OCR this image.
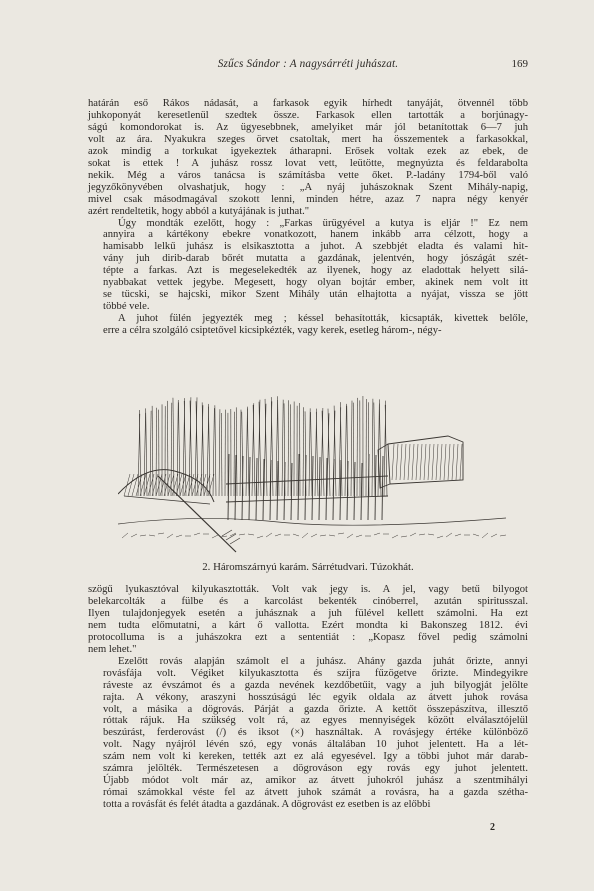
Szűcs Sándor : A nagysárréti juhászat.	169

határán eső Rákos nádasát, a farkasok egyik hírhedt tanyáját, ötvennél több
juhkoponyát keresetlenül szedtek össze. Farkasok ellen tartották a borjúnagy-
ságú komondorokat is. Az ügyesebbnek, amelyiket már jól betanítottak 6—7 juh
volt az ára. Nyakukra szeges örvet csatoltak, mert ha összementek a farkasokkal,
azok mindig a torkukat igyekeztek átharapni. Erősek voltak ezek az ebek, de
sokat is ettek ! A juhász rossz lovat vett, leütötte, megnyúzta és feldarabolta
nekik. Még a város tanácsa is számításba vette őket. P.-ladány 1794-ből való
jegyzőkönyvében olvashatjuk, hogy : „A nyáj juhászoknak Szent Mihály-napig,
mivel csak másodmagával szokott lenni, minden hétre, azaz 7 napra négy kenyér
azért rendeltetik, hogy abból a kutyájának is juthat."

Úgy mondták ezelőtt, hogy : „Farkas ürügyével a kutya is eljár !" Ez nem
annyira a kártékony ebekre vonatkozott, hanem inkább arra célzott, hogy a
hamisabb lelkű juhász is elsikasztotta a juhot. A szebbjét eladta és valami hit-
vány juh dirib-darab bőrét mutatta a gazdának, jelentvén, hogy jószágát szét-
tépte a farkas. Azt is megeselekedték az ilyenek, hogy az eladottak helyett silá-
nyabbakat vettek jegybe. Megesett, hogy olyan bojtár ember, akinek nem volt itt
se tücski, se hajcski, mikor Szent Mihály után elhajtotta a nyájat, vissza se jött
többé vele.

A juhot fülén jegyezték meg ; késsel behasították, kicsapták, kivettek belőle,
erre a célra szolgáló csiptetővel kicsipkézték, vagy kerek, esetleg három-, négy-

2. Háromszárnyú karám. Sárrétudvari. Túzokhát.

szögű lyukasztóval kilyukasztották. Volt vak jegy is. A jel, vagy betű bilyogot
belekarcolták a fülbe és a karcolást bekenték cinóberrel, azután spiritusszal.
Ilyen tulajdonjegyek esetén a juhásznak a juh fülével kellett számolni. Ha ezt
nem tudta előmutatni, a kárt ő vallotta. Ezért mondta ki Bakonszeg 1812. évi
protocolluma is a juhászokra ezt a sententiát : „Kopasz fővel pedig számolni
nem lehet."

Ezelőtt rovás alapján számolt el a juhász. Ahány gazda juhát őrizte, annyi
rovásfája volt. Végiket kilyukasztotta és szíjra fűzögetve őrizte. Mindegyikre
ráveste az évszámot és a gazda nevének kezdőbetűit, vagy a juh bilyogját jelölte
rajta. A vékony, araszyni hosszúságú léc egyik oldala az átvett juhok rovása
volt, a másika a dögrovás. Párját a gazda őrizte. A kettőt összepászítva, illesztő
róttak rájuk. Ha szükség volt rá, az egyes mennyiségek között elválasztójelül
beszúrást, ferderovást (/) és iksot (×) használtak. A rovásjegy értéke különböző
volt. Nagy nyájról lévén szó, egy vonás általában 10 juhot jelentett. Ha a lét-
szám nem volt ki kereken, tették azt ez alá egyesével. Igy a többi juhot már darab-
számra jelölték. Természetesen a dögrováson egy rovás egy juhot jelentett.
Újabb módot volt már az, amikor az átvett juhokról juhász a szentmihályi
római számokkal véste fel az átvett juhok számát a rovásra, ha a gazda szétha-
totta a rovásfát és felét átadta a gazdának. A dögrovást ez esetben is az előbbi

2
